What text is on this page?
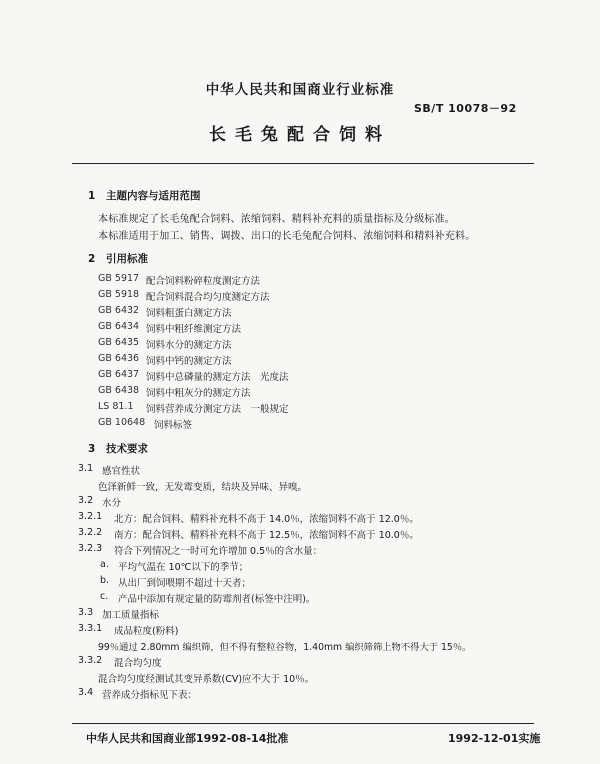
中华人民共和国商业行业标准
SB/T 10078－92
长毛兔配合饲料
1 主题内容与适用范围
本标准规定了长毛兔配合饲料、浓缩饲料、精料补充料的质量指标及分级标准。
本标准适用于加工、销售、调拨、出口的长毛兔配合饲料、浓缩饲料和精料补充料。
2 引用标准
GB 5917 配合饲料粉碎粒度测定方法
GB 5918 配合饲料混合均匀度测定方法
GB 6432 饲料粗蛋白测定方法
GB 6434 饲料中粗纤维测定方法
GB 6435 饲料水分的测定方法
GB 6436 饲料中钙的测定方法
GB 6437 饲料中总磷量的测定方法　光度法
GB 6438 饲料中粗灰分的测定方法
LS 81.1	饲料营养成分测定方法　一般规定
GB 10648 饲料标签
3 技术要求
3.1 感官性状
色泽新鲜一致，无发霉变质，结块及异味、异嗅。
3.2 水分
3.2.1 北方：配合饲料、精料补充料不高于 14.0％，浓缩饲料不高于 12.0％。
3.2.2 南方：配合饲料、精料补充料不高于 12.5％，浓缩饲料不高于 10.0％。
3.2.3 符合下列情况之一时可允许增加 0.5％的含水量：
a. 平均气温在 10℃以下的季节；
b. 从出厂到饲喂期不超过十天者；
c. 产品中添加有规定量的防霉剂者(标签中注明)。
3.3 加工质量指标
3.3.1 成品粒度(粉料)
99％通过 2.80mm 编织筛，但不得有整粒谷物，1.40mm 编织筛筛上物不得大于 15％。
3.3.2 混合均匀度
混合均匀度经测试其变异系数(CV)应不大于 10％。
3.4 营养成分指标见下表：
中华人民共和国商业部1992-08-14批准	1992-12-01实施
